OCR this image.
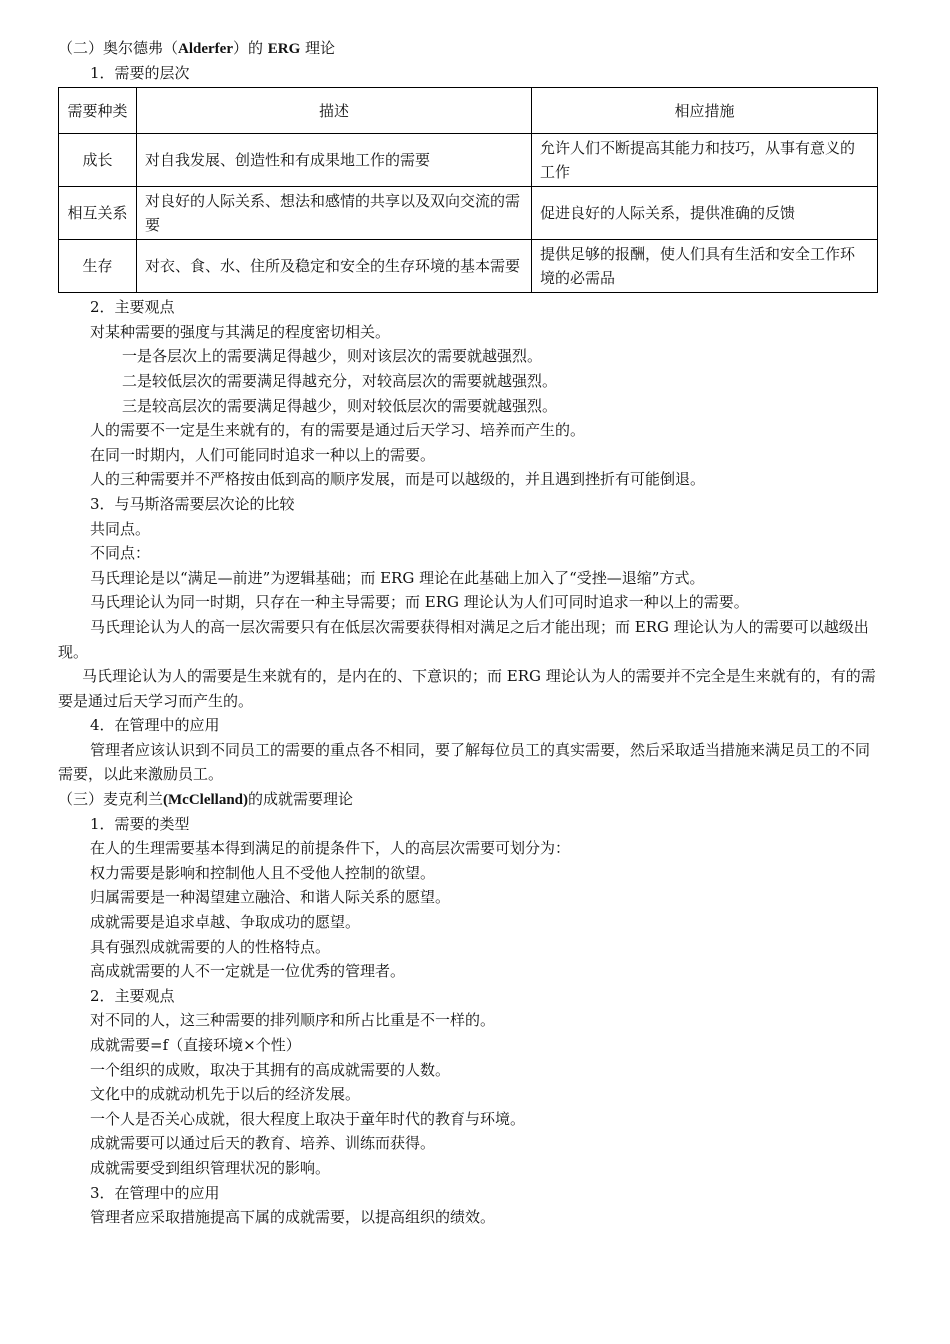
（二）奥尔德弗（Alderfer）的 ERG 理论
1．需要的层次
需要种类	描述	相应措施
成长	对自我发展、创造性和有成果地工作的需要	允许人们不断提高其能力和技巧，从事有意义的工作
相互关系	对良好的人际关系、想法和感情的共享以及双向交流的需要	促进良好的人际关系，提供准确的反馈
生存	对衣、食、水、住所及稳定和安全的生存环境的基本需要	提供足够的报酬，使人们具有生活和安全工作环境的必需品
2．主要观点
对某种需要的强度与其满足的程度密切相关。
一是各层次上的需要满足得越少，则对该层次的需要就越强烈。
二是较低层次的需要满足得越充分，对较高层次的需要就越强烈。
三是较高层次的需要满足得越少，则对较低层次的需要就越强烈。
人的需要不一定是生来就有的，有的需要是通过后天学习、培养而产生的。
在同一时期内，人们可能同时追求一种以上的需要。
人的三种需要并不严格按由低到高的顺序发展，而是可以越级的，并且遇到挫折有可能倒退。
3．与马斯洛需要层次论的比较
共同点。
不同点：
马氏理论是以“满足—前进”为逻辑基础；而 ERG 理论在此基础上加入了“受挫—退缩”方式。
马氏理论认为同一时期，只存在一种主导需要；而 ERG 理论认为人们可同时追求一种以上的需要。
马氏理论认为人的高一层次需要只有在低层次需要获得相对满足之后才能出现；而 ERG 理论认为人的需要可以越级出现。
马氏理论认为人的需要是生来就有的，是内在的、下意识的；而 ERG 理论认为人的需要并不完全是生来就有的，有的需要是通过后天学习而产生的。
4．在管理中的应用
管理者应该认识到不同员工的需要的重点各不相同，要了解每位员工的真实需要，然后采取适当措施来满足员工的不同需要，以此来激励员工。
（三）麦克利兰(McClelland)的成就需要理论
1．需要的类型
在人的生理需要基本得到满足的前提条件下，人的高层次需要可划分为：
权力需要是影响和控制他人且不受他人控制的欲望。
归属需要是一种渴望建立融洽、和谐人际关系的愿望。
成就需要是追求卓越、争取成功的愿望。
具有强烈成就需要的人的性格特点。
高成就需要的人不一定就是一位优秀的管理者。
2．主要观点
对不同的人，这三种需要的排列顺序和所占比重是不一样的。
成就需要=f（直接环境×个性）
一个组织的成败，取决于其拥有的高成就需要的人数。
文化中的成就动机先于以后的经济发展。
一个人是否关心成就，很大程度上取决于童年时代的教育与环境。
成就需要可以通过后天的教育、培养、训练而获得。
成就需要受到组织管理状况的影响。
3．在管理中的应用
管理者应采取措施提高下属的成就需要，以提高组织的绩效。
